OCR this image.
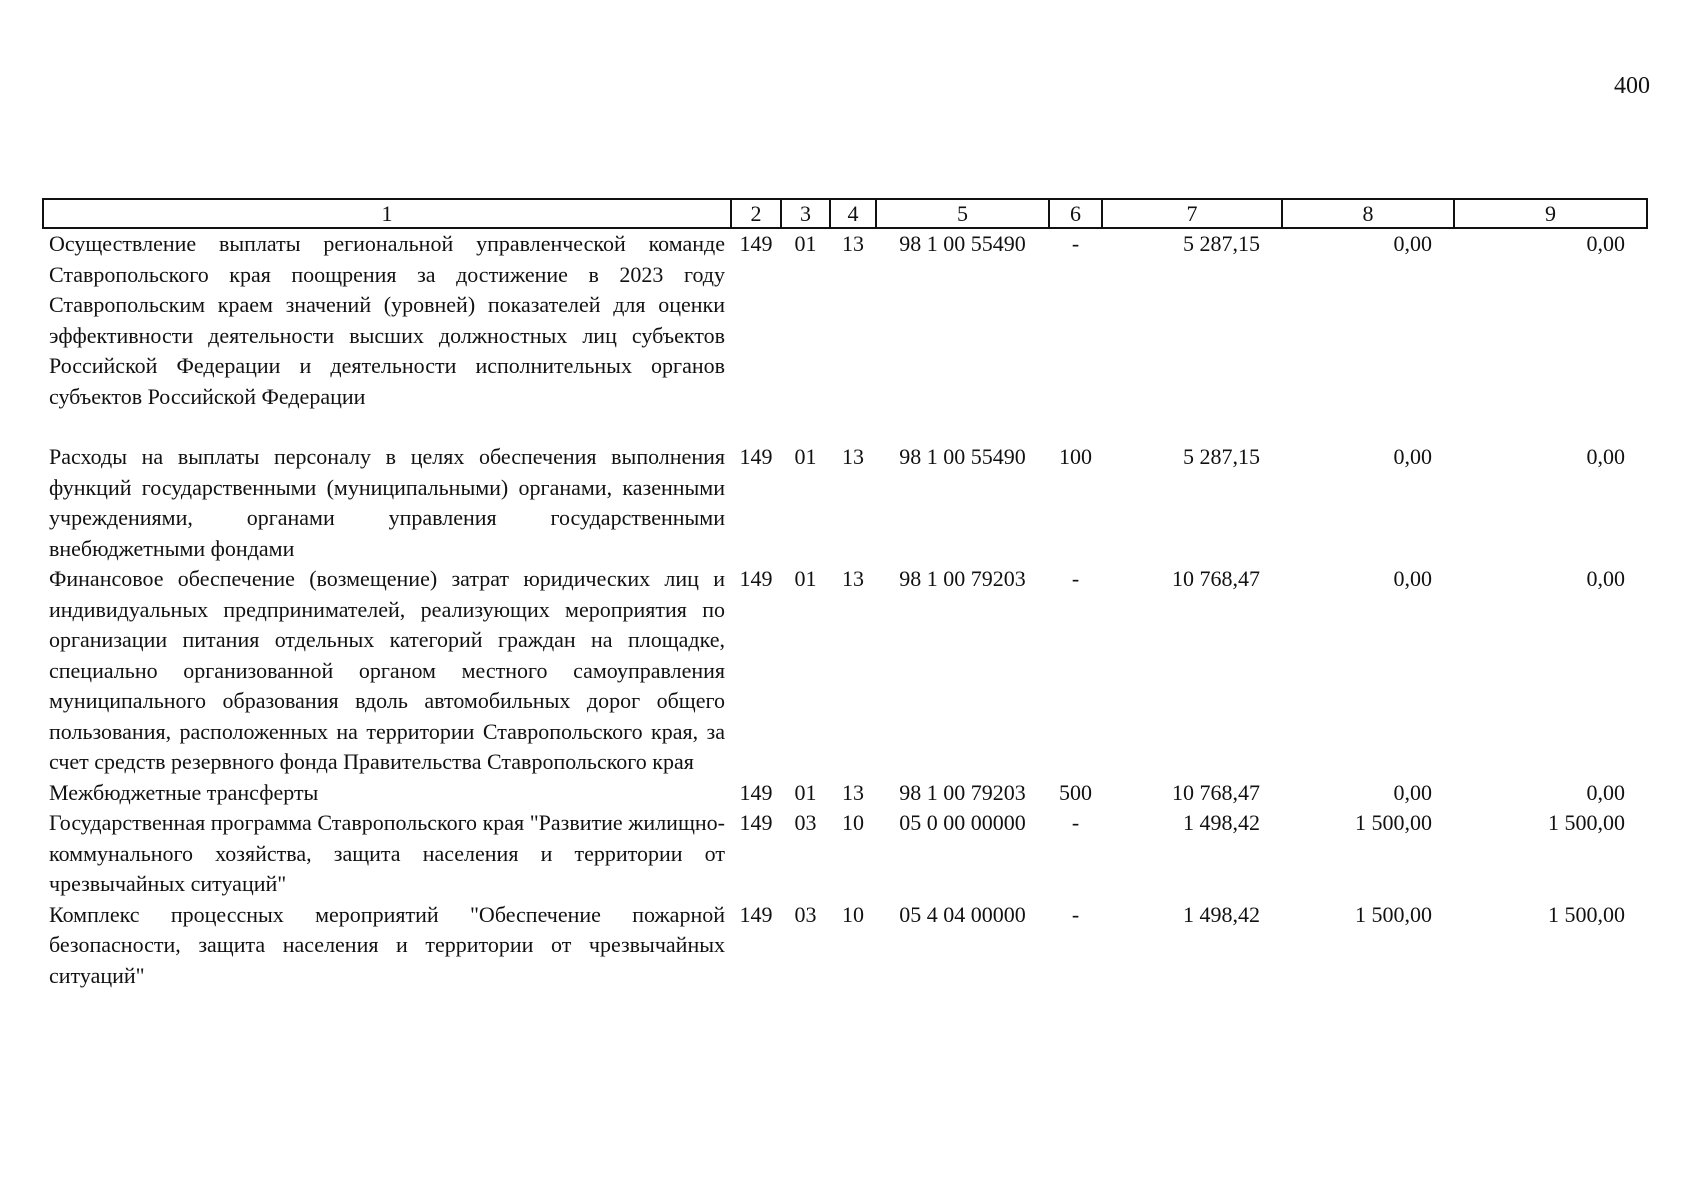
400
1	2	3	4	5	6	7	8	9
Осуществление выплаты региональной управленческой команде Ставропольского края поощрения за достижение в 2023 году Ставропольским краем значений (уровней) показателей для оценки эффективности деятельности высших должностных лиц субъектов Российской Федерации и деятельности исполнительных органов субъектов Российской Федерации	149	01	13	98 1 00 55490	-	5 287,15	0,00	0,00
Расходы на выплаты персоналу в целях обеспечения выполнения функций государственными (муниципальными) органами, казенными учреждениями, органами управления государственными внебюджетными фондами	149	01	13	98 1 00 55490	100	5 287,15	0,00	0,00
Финансовое обеспечение (возмещение) затрат юридических лиц и индивидуальных предпринимателей, реализующих мероприятия по организации питания отдельных категорий граждан на площадке, специально организованной органом местного самоуправления муниципального образования вдоль автомобильных дорог общего пользования, расположенных на территории Ставропольского края, за счет средств резервного фонда Правительства Ставропольского края	149	01	13	98 1 00 79203	-	10 768,47	0,00	0,00
Межбюджетные трансферты	149	01	13	98 1 00 79203	500	10 768,47	0,00	0,00
Государственная программа Ставропольского края "Развитие жилищно-коммунального хозяйства, защита населения и территории от чрезвычайных ситуаций"	149	03	10	05 0 00 00000	-	1 498,42	1 500,00	1 500,00
Комплекс процессных мероприятий "Обеспечение пожарной безопасности, защита населения и территории от чрезвычайных ситуаций"	149	03	10	05 4 04 00000	-	1 498,42	1 500,00	1 500,00
